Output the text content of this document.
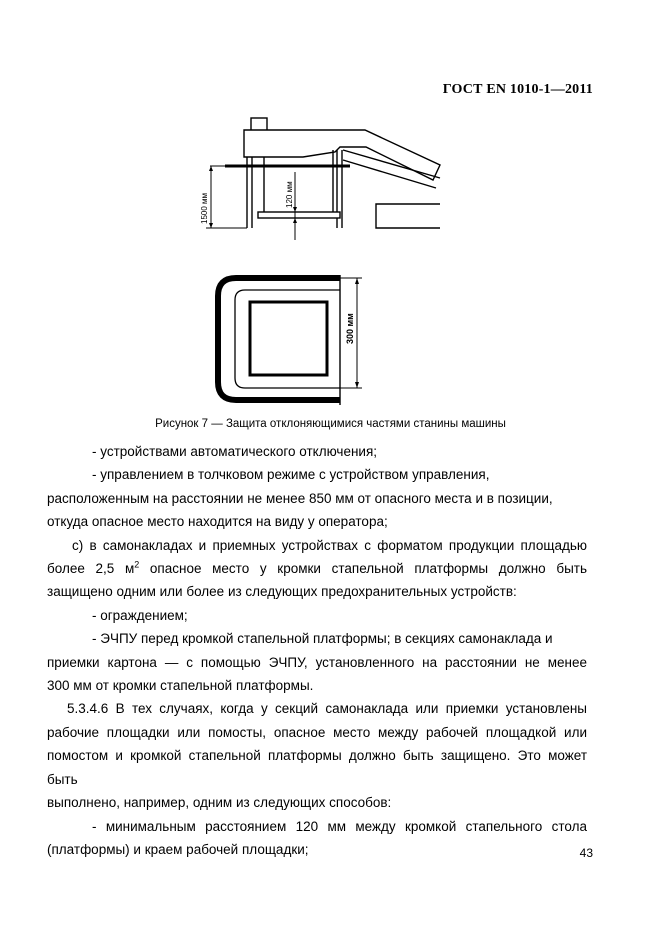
ГОСТ EN 1010-1—2011
1500 мм	120 мм
300 мм
Рисунок 7 — Защита отклоняющимися частями станины машины

- устройствами автоматического отключения;

- управлением в толчковом режиме с устройством управления,

расположенным на расстоянии не менее 850 мм от опасного места и в позиции,

откуда опасное место находится на виду у оператора;

с) в самонакладах и приемных устройствах с форматом продукции площадью

более 2,5 $м^2$ опасное место у кромки стапельной платформы должно быть

защищено одним или более из следующих предохранительных устройств:

- ограждением;

- ЭЧПУ перед кромкой стапельной платформы; в секциях самонаклада и

приемки картона — с помощью ЭЧПУ, установленного на расстоянии не менее

300 мм от кромки стапельной платформы.

5.3.4.6 В тех случаях, когда у секций самонаклада или приемки установлены

рабочие площадки или помосты, опасное место между рабочей площадкой или

помостом и кромкой стапельной платформы должно быть защищено. Это может быть

выполнено, например, одним из следующих способов:

- минимальным расстоянием 120 мм между кромкой стапельного стола

(платформы) и краем рабочей площадки;	43
